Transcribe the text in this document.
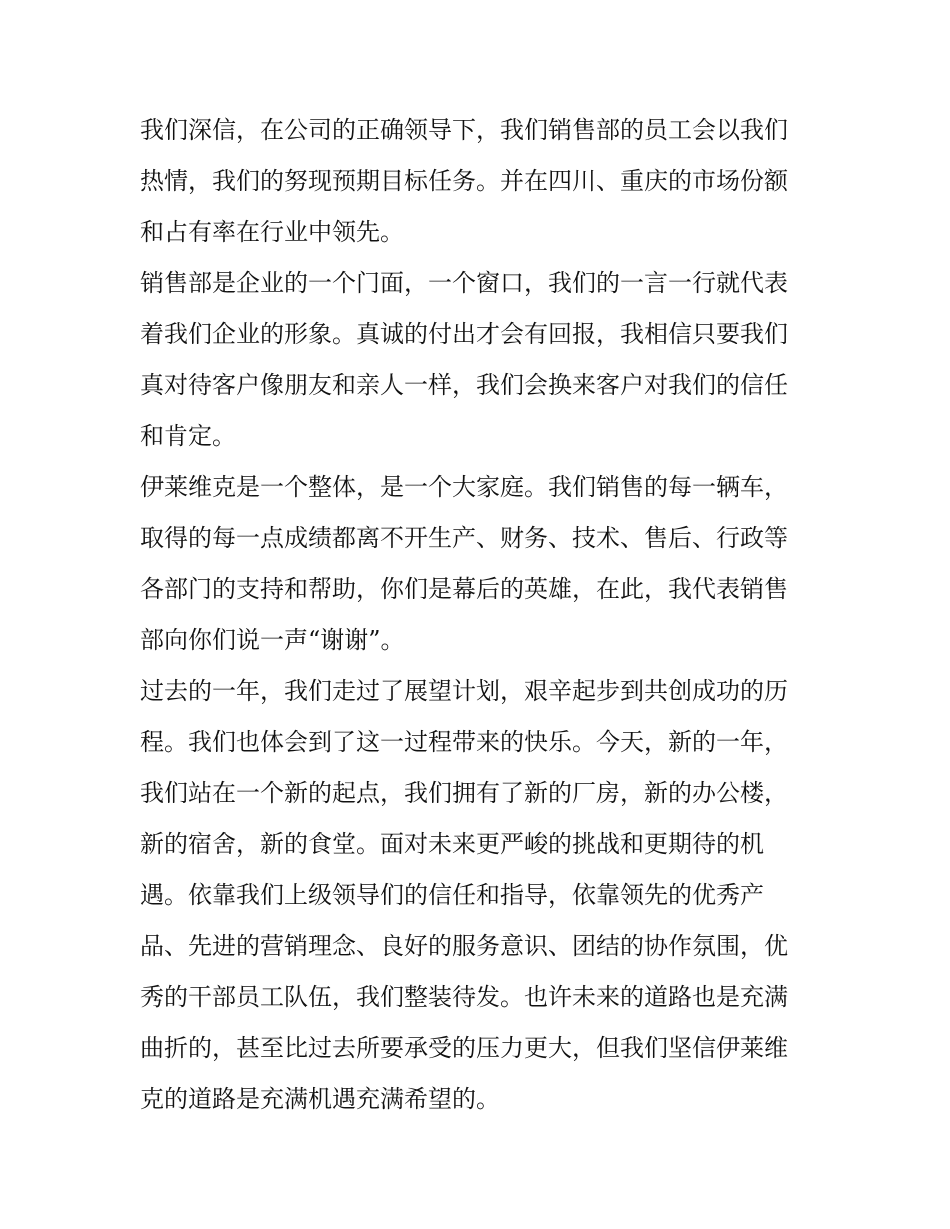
我们深信，在公司的正确领导下，我们销售部的员工会以我们
热情，我们的努现预期目标任务。并在四川、重庆的市场份额
和占有率在行业中领先。
销售部是企业的一个门面，一个窗口，我们的一言一行就代表
着我们企业的形象。真诚的付出才会有回报，我相信只要我们
真对待客户像朋友和亲人一样，我们会换来客户对我们的信任
和肯定。
伊莱维克是一个整体，是一个大家庭。我们销售的每一辆车，
取得的每一点成绩都离不开生产、财务、技术、售后、行政等
各部门的支持和帮助，你们是幕后的英雄，在此，我代表销售
部向你们说一声“谢谢”。
过去的一年，我们走过了展望计划，艰辛起步到共创成功的历
程。我们也体会到了这一过程带来的快乐。今天，新的一年，
我们站在一个新的起点，我们拥有了新的厂房，新的办公楼，
新的宿舍，新的食堂。面对未来更严峻的挑战和更期待的机
遇。依靠我们上级领导们的信任和指导，依靠领先的优秀产
品、先进的营销理念、良好的服务意识、团结的协作氛围，优
秀的干部员工队伍，我们整装待发。也许未来的道路也是充满
曲折的，甚至比过去所要承受的压力更大，但我们坚信伊莱维
克的道路是充满机遇充满希望的。
